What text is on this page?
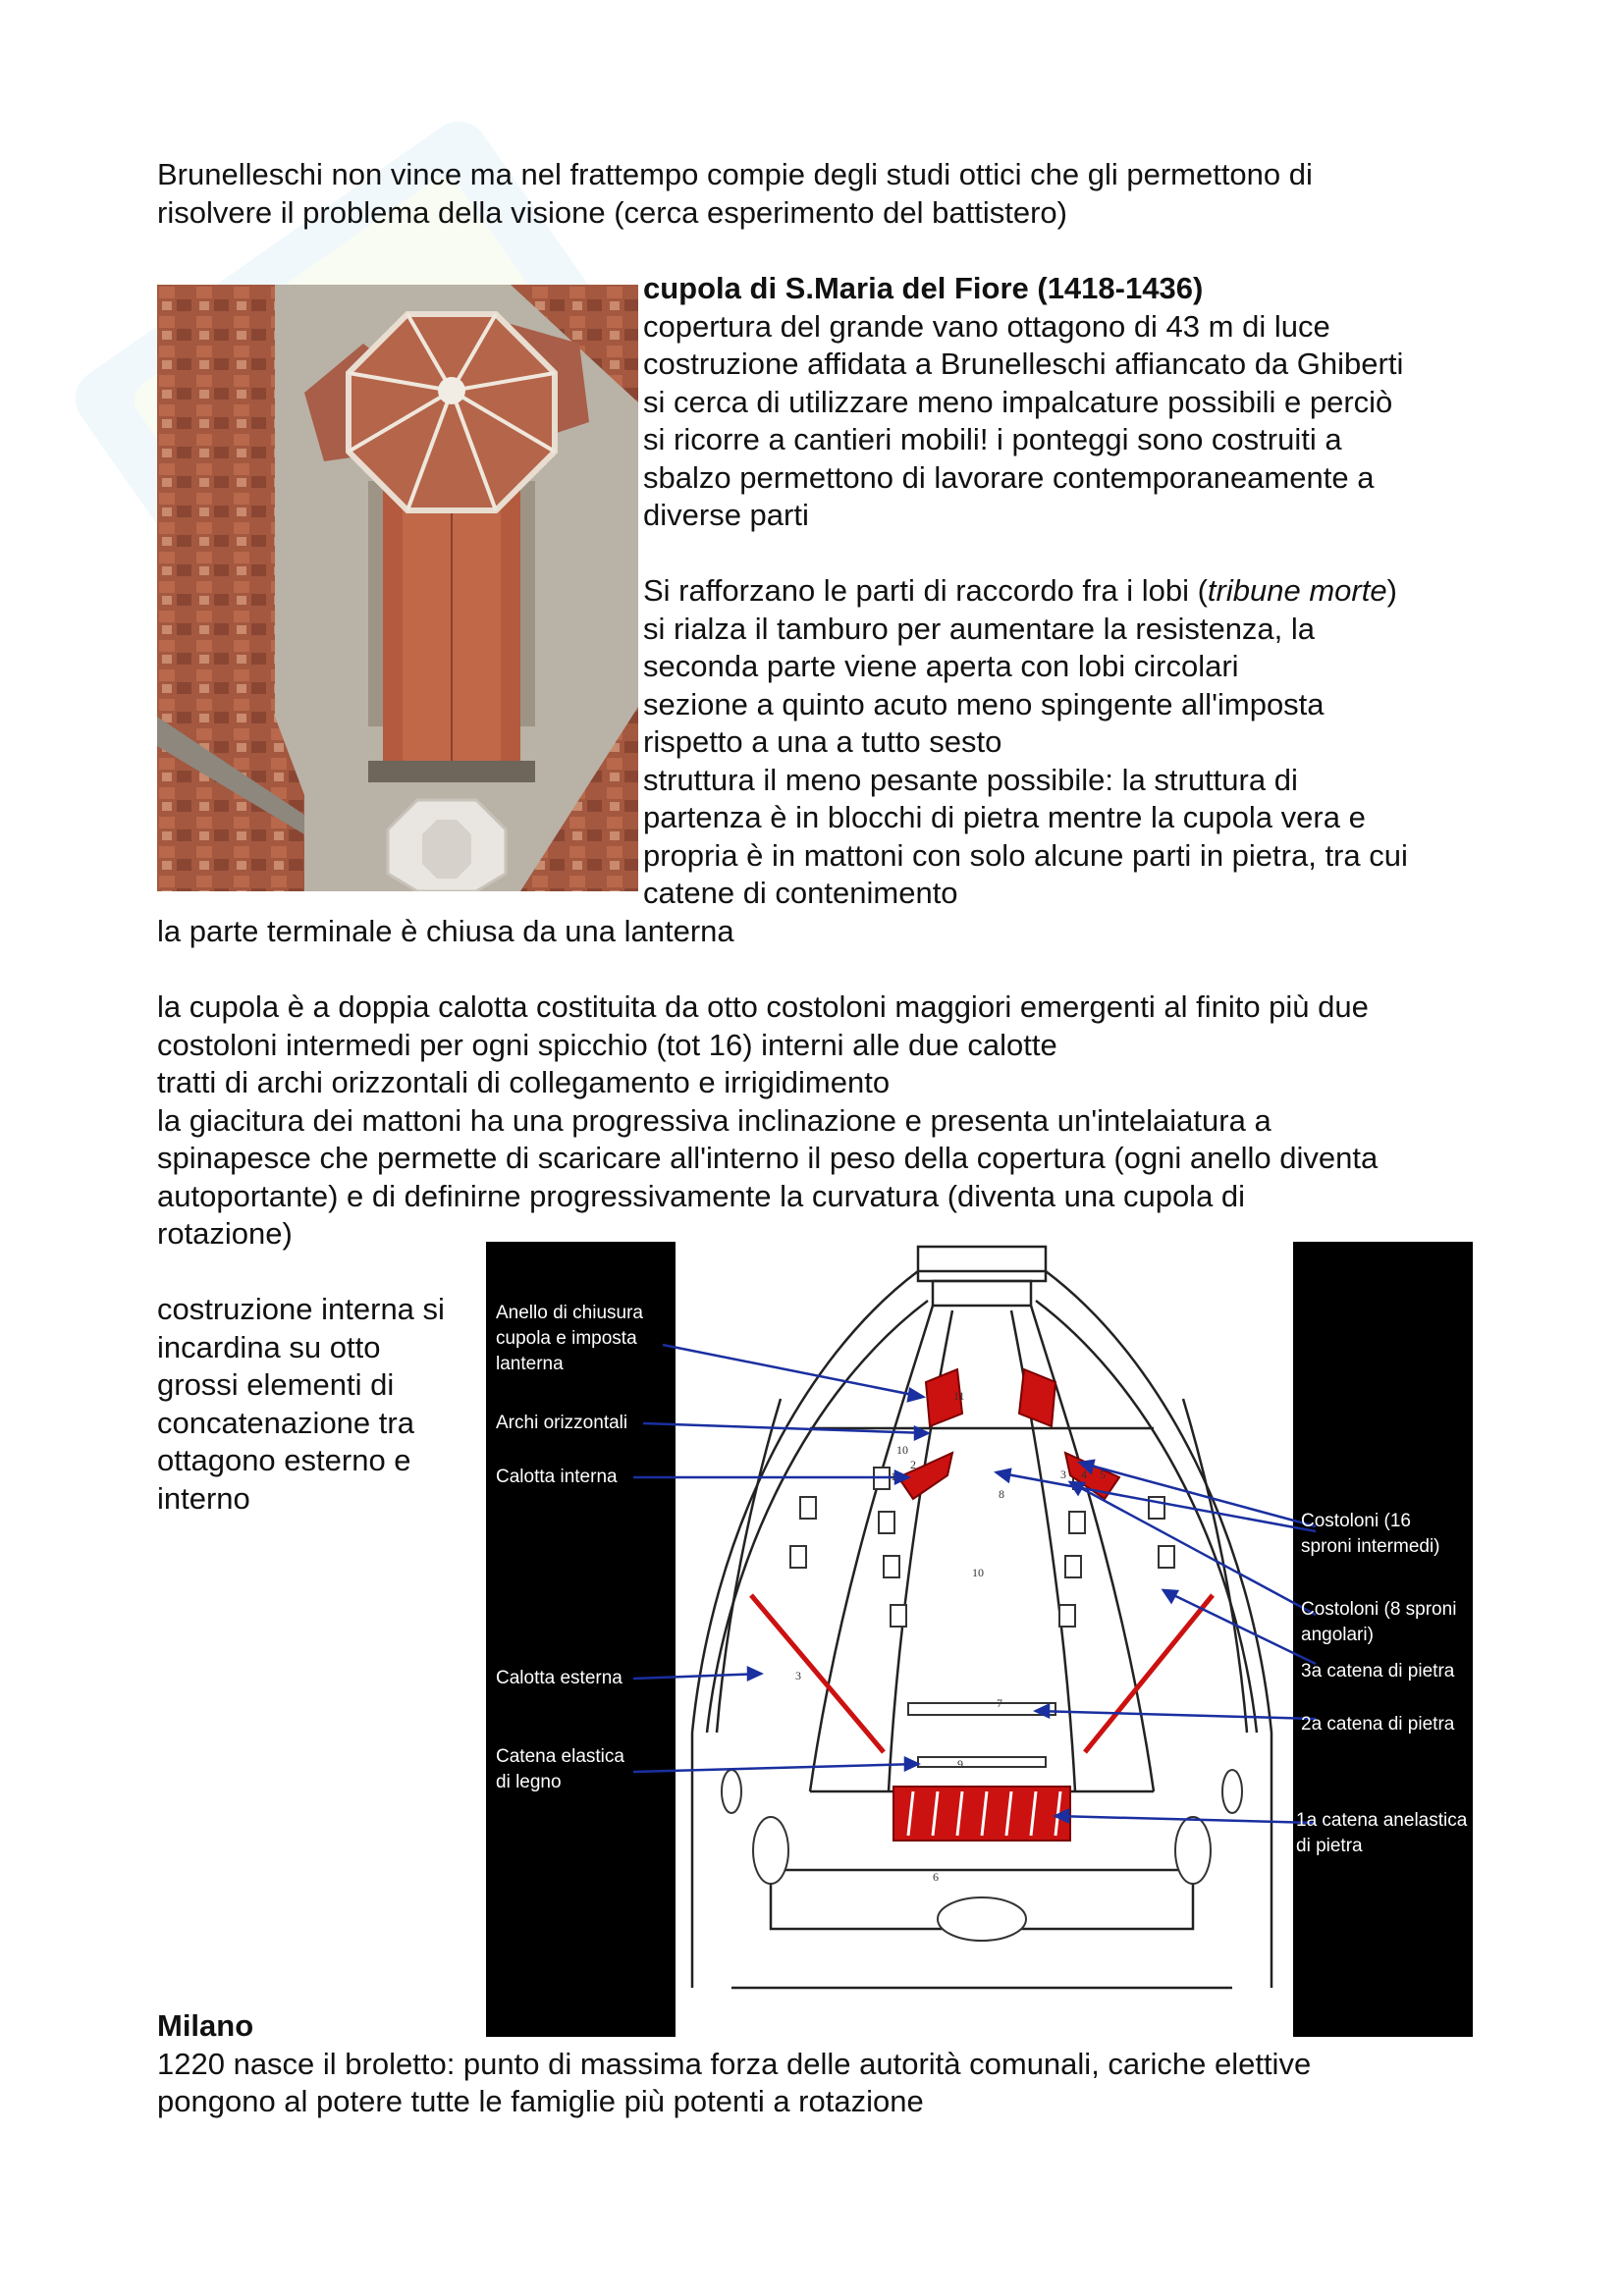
Brunelleschi non vince ma nel frattempo compie degli studi ottici che gli permettono di

risolvere il problema della visione (cerca esperimento del battistero)

cupola di S.Maria del Fiore (1418-1436)

copertura del grande vano ottagono di 43 m di luce

costruzione affidata a Brunelleschi affiancato da Ghiberti

si cerca di utilizzare meno impalcature possibili e perciò

si ricorre a cantieri mobili! i ponteggi sono costruiti a

sbalzo permettono di lavorare contemporaneamente a

diverse parti

Si rafforzano le parti di raccordo fra i lobi (tribune morte)

si rialza il tamburo per aumentare la resistenza, la

seconda parte viene aperta con lobi circolari

sezione a quinto acuto meno spingente all'imposta

rispetto a una a tutto sesto

struttura il meno pesante possibile: la struttura di

partenza è in blocchi di pietra mentre la cupola vera e

propria è in mattoni con solo alcune parti in pietra, tra cui

catene di contenimento

la parte terminale è chiusa da una lanterna

la cupola è a doppia calotta costituita da otto costoloni maggiori emergenti al finito più due

costoloni intermedi per ogni spicchio (tot 16) interni alle due calotte

tratti di archi orizzontali di collegamento e irrigidimento

la giacitura dei mattoni ha una progressiva inclinazione e presenta un'intelaiatura a

spinapesce che permette di scaricare all'interno il peso della copertura (ogni anello diventa

autoportante) e di definirne progressivamente la curvatura (diventa una cupola di

rotazione)

costruzione interna si

incardina su otto

grossi elementi di

concatenazione tra

ottagono esterno e

interno

11
10
2
1
8
3 4 5
10
3
7
9
6
Anello di chiusura
cupola e imposta
lanterna
Archi orizzontali
Calotta interna
Calotta esterna
Catena elastica
di legno
Costoloni (16
sproni intermedi)
Costoloni (8 sproni
angolari)
3a catena di pietra
2a catena di pietra
1a catena anelastica
di pietra

Milano

1220 nasce il broletto: punto di massima forza delle autorità comunali, cariche elettive

pongono al potere tutte le famiglie più potenti a rotazione
